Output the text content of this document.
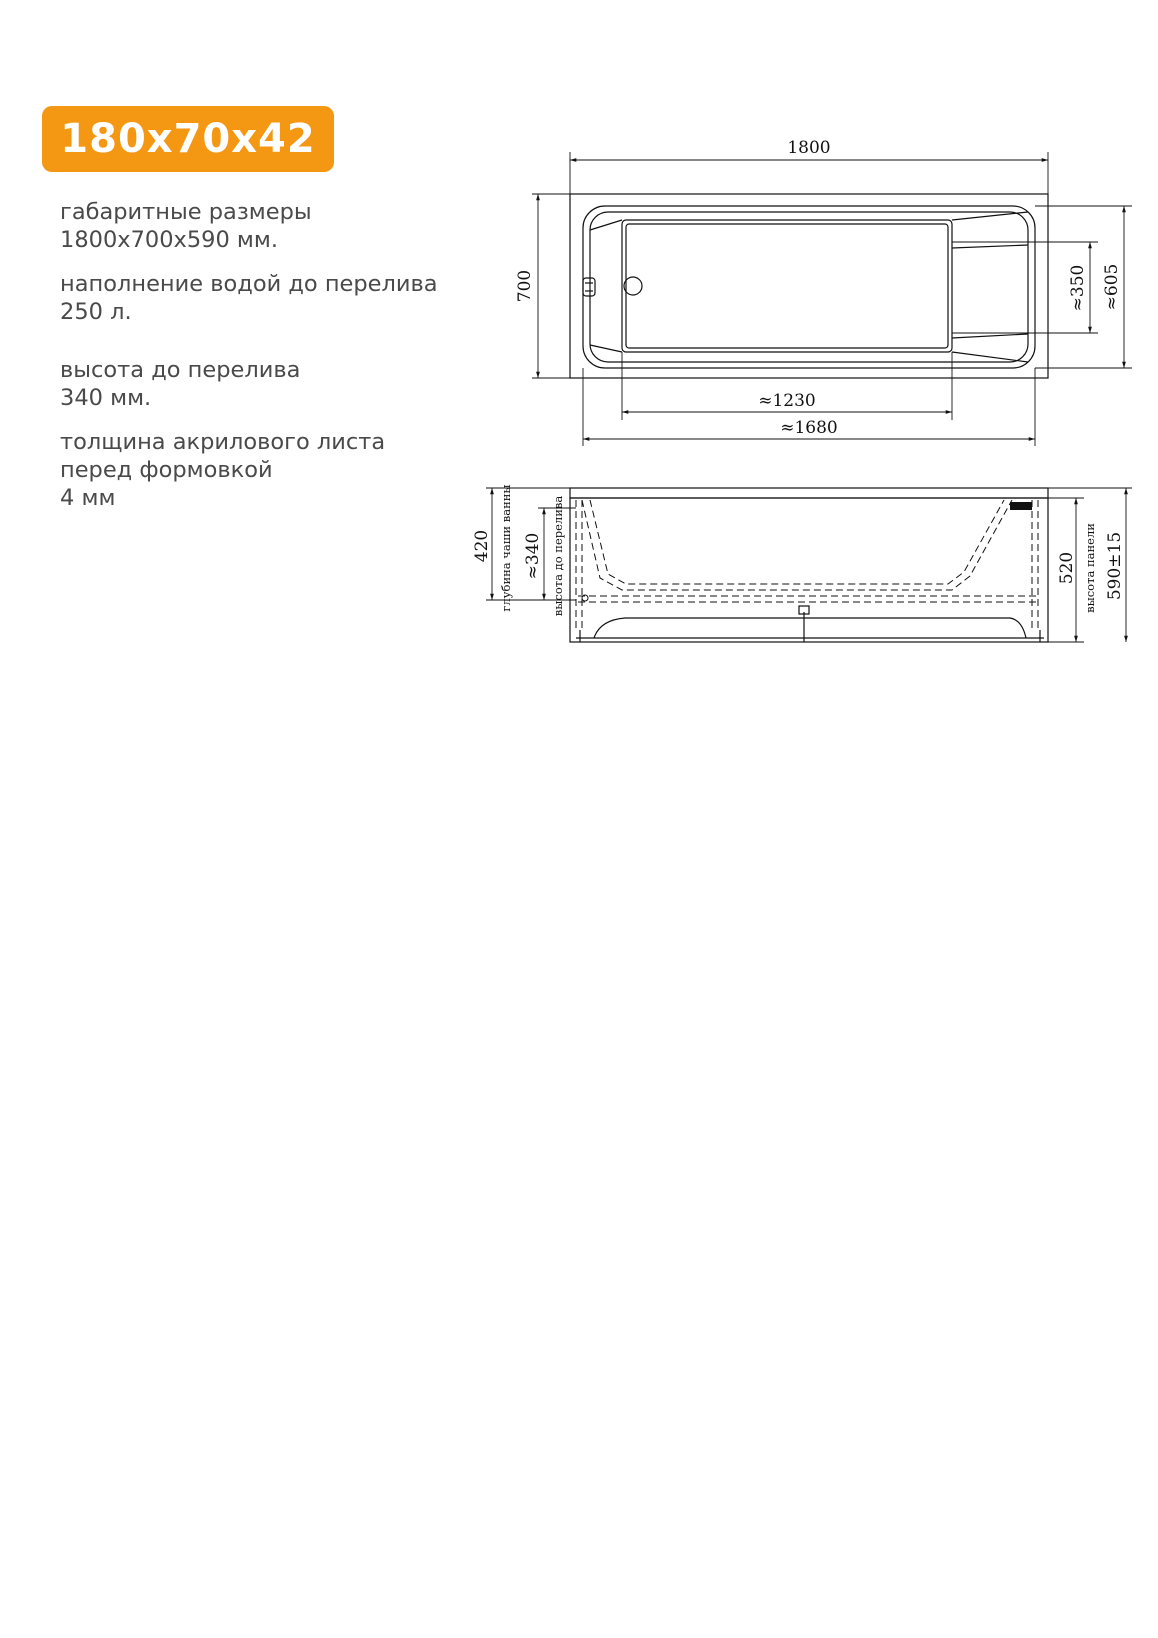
180x70x42
габаритные размеры
1800х700х590 мм.
наполнение водой до перелива
250 л.
высота до перелива
340 мм.
толщина акрилового листа
перед формовкой
4 мм
1800
700	≈350 ≈605
≈1230
≈1680
420 глубина чаши ванны ≈340 высота до перелива	520 высота панели 590±15
